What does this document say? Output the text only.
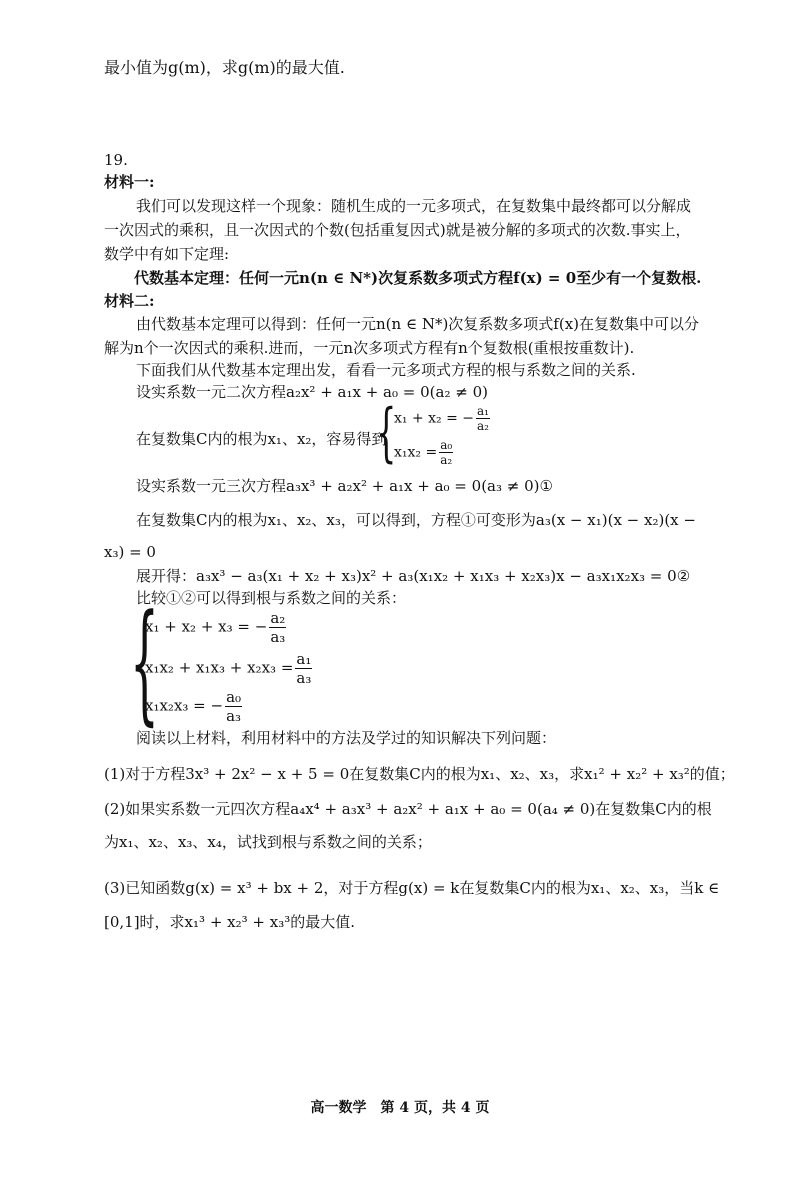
最小值为g(m)，求g(m)的最大值.
19.
材料一:
我们可以发现这样一个现象：随机生成的一元多项式，在复数集中最终都可以分解成
一次因式的乘积，且一次因式的个数(包括重复因式)就是被分解的多项式的次数.事实上，
数学中有如下定理:
代数基本定理：任何一元n(n ∈ N*)次复系数多项式方程f(x) = 0至少有一个复数根.
材料二:
由代数基本定理可以得到：任何一元n(n ∈ N*)次复系数多项式f(x)在复数集中可以分
解为n个一次因式的乘积.进而，一元n次多项式方程有n个复数根(重根按重数计).
下面我们从代数基本定理出发，看看一元多项式方程的根与系数之间的关系.
设实系数一元二次方程a₂x² + a₁x + a₀ = 0(a₂ ≠ 0)
在复数集C内的根为x₁、x₂，容易得到
{
x₁ + x₂ = − $\frac{\text{a₁}}{\text{a₂}}$
$x_1x_2 = \frac{\text{a₀}}{\text{a₂}}$
设实系数一元三次方程a₃x³ + a₂x² + a₁x + a₀ = 0(a₃ ≠ 0)①
在复数集C内的根为x₁、x₂、x₃，可以得到，方程①可变形为a₃(x − x₁)(x − x₂)(x −
x₃) = 0
展开得：a₃x³ − a₃(x₁ + x₂ + x₃)x² + a₃(x₁x₂ + x₁x₃ + x₂x₃)x − a₃x₁x₂x₃ = 0②
比较①②可以得到根与系数之间的关系：
{
x₁ + x₂ + x₃ = − $\frac{\text{a₂}}{\text{a₃}}$
$x_1x_2 + x_1x_3 + x_2x_3 = \frac{\text{a₁}}{\text{a₃}}$
x₁x₂x₃ = − $\frac{\text{a₀}}{\text{a₃}}$
阅读以上材料，利用材料中的方法及学过的知识解决下列问题：
(1)对于方程3x³ + 2x² − x + 5 = 0在复数集C内的根为x₁、x₂、x₃，求x₁² + x₂² + x₃²的值；
(2)如果实系数一元四次方程a₄x⁴ + a₃x³ + a₂x² + a₁x + a₀ = 0(a₄ ≠ 0)在复数集C内的根
为x₁、x₂、x₃、x₄，试找到根与系数之间的关系；
(3)已知函数g(x) = x³ + bx + 2，对于方程g(x) = k在复数集C内的根为x₁、x₂、x₃，当k ∈
[0,1]时，求x₁³ + x₂³ + x₃³的最大值.
高一数学　第 4 页，共 4 页
